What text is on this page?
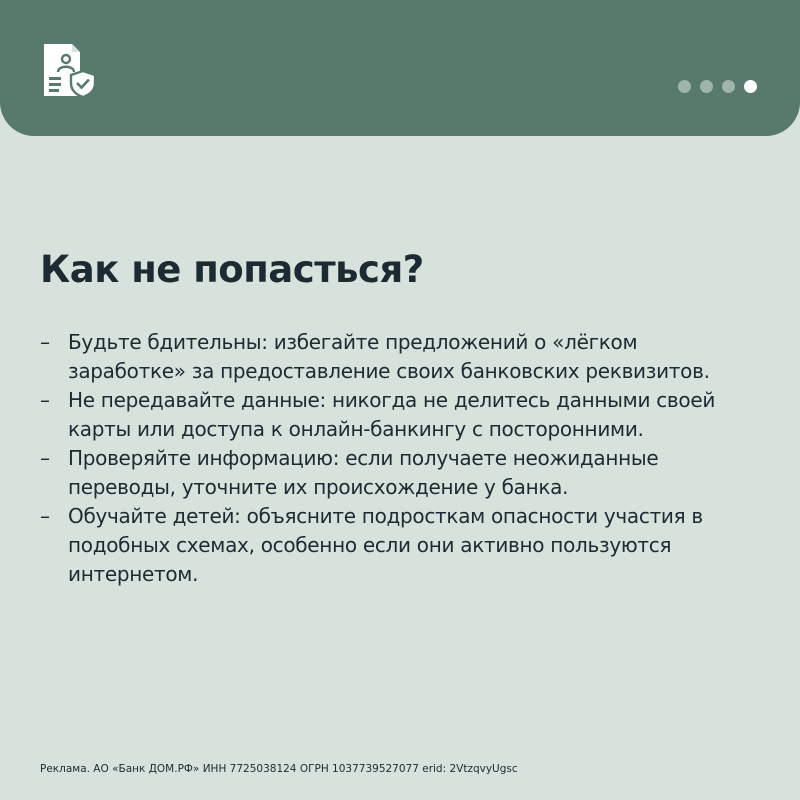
Как не попасться?
– Будьте бдительны: избегайте предложений о «лёгком заработке» за предоставление своих банковских реквизитов.
– Не передавайте данные: никогда не делитесь данными своей карты или доступа к онлайн-банкингу с посторонними.
– Проверяйте информацию: если получаете неожиданные переводы, уточните их происхождение у банка.
– Обучайте детей: объясните подросткам опасности участия в подобных схемах, особенно если они активно пользуются интернетом.
Реклама. АО «Банк ДОМ.РФ» ИНН 7725038124 ОГРН 1037739527077 erid: 2VtzqvyUgsc
